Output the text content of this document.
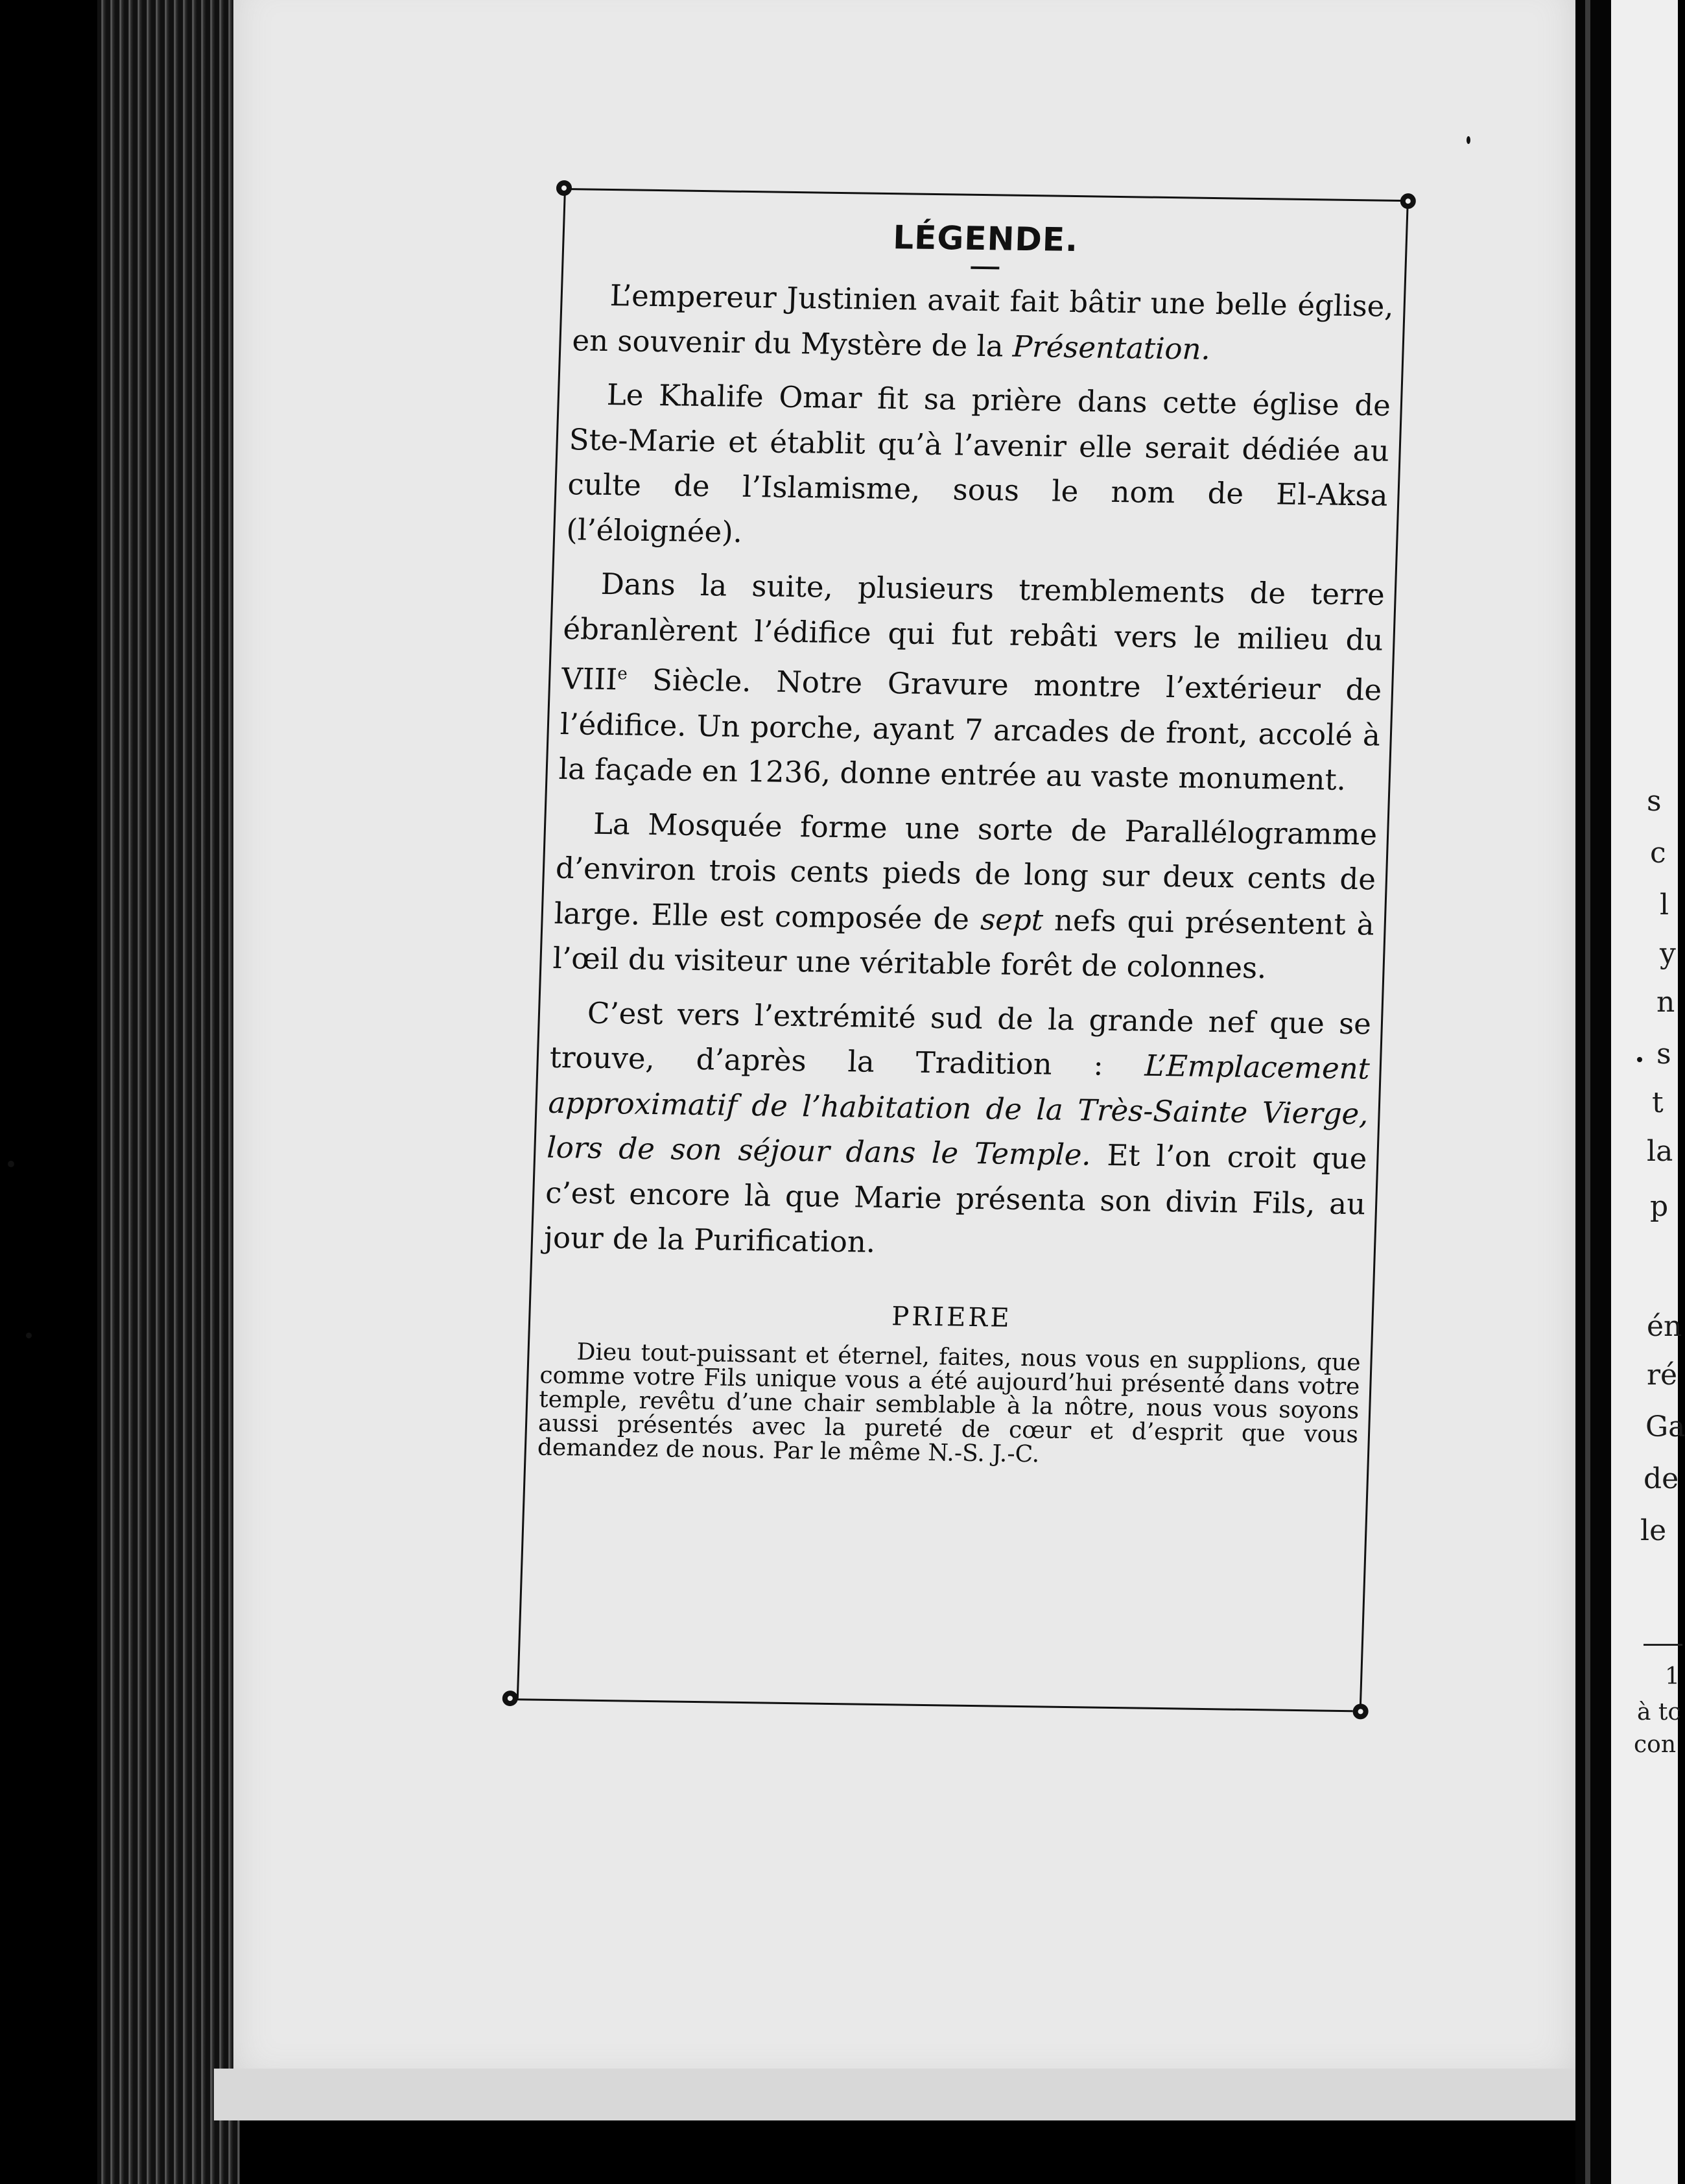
s
c
l
y
n
s
t
la
p
én
ré
Ga
de
le
1
à tc
con
LÉGENDE.

L’empereur Justinien avait fait bâtir une belle église, en souvenir du Mystère de la Présentation.

Le Khalife Omar fit sa prière dans cette église de Ste-Marie et établit qu’à l’avenir elle serait dédiée au culte de l’Islamisme, sous le nom de El-Aksa (l’éloignée).

Dans la suite, plusieurs tremblements de terre ébranlèrent l’édifice qui fut rebâti vers le milieu du VIIIe Siècle. Notre Gravure montre l’extérieur de l’édifice. Un porche, ayant 7 arcades de front, accolé à la façade en 1236, donne entrée au vaste monument.

La Mosquée forme une sorte de Parallélogramme d’environ trois cents pieds de long sur deux cents de large. Elle est composée de sept nefs qui présentent à l’œil du visiteur une véritable forêt de colonnes.

C’est vers l’extrémité sud de la grande nef que se trouve, d’après la Tradition : L’Emplacement approximatif de l’habitation de la Très-Sainte Vierge, lors de son séjour dans le Temple. Et l’on croit que c’est encore là que Marie présenta son divin Fils, au jour de la Purification.

PRIERE

Dieu tout-puissant et éternel, faites, nous vous en supplions, que comme votre Fils unique vous a été aujourd’hui présenté dans votre temple, revêtu d’une chair semblable à la nôtre, nous vous soyons aussi présentés avec la pureté de cœur et d’esprit que vous demandez de nous. Par le même N.-S. J.-C.
